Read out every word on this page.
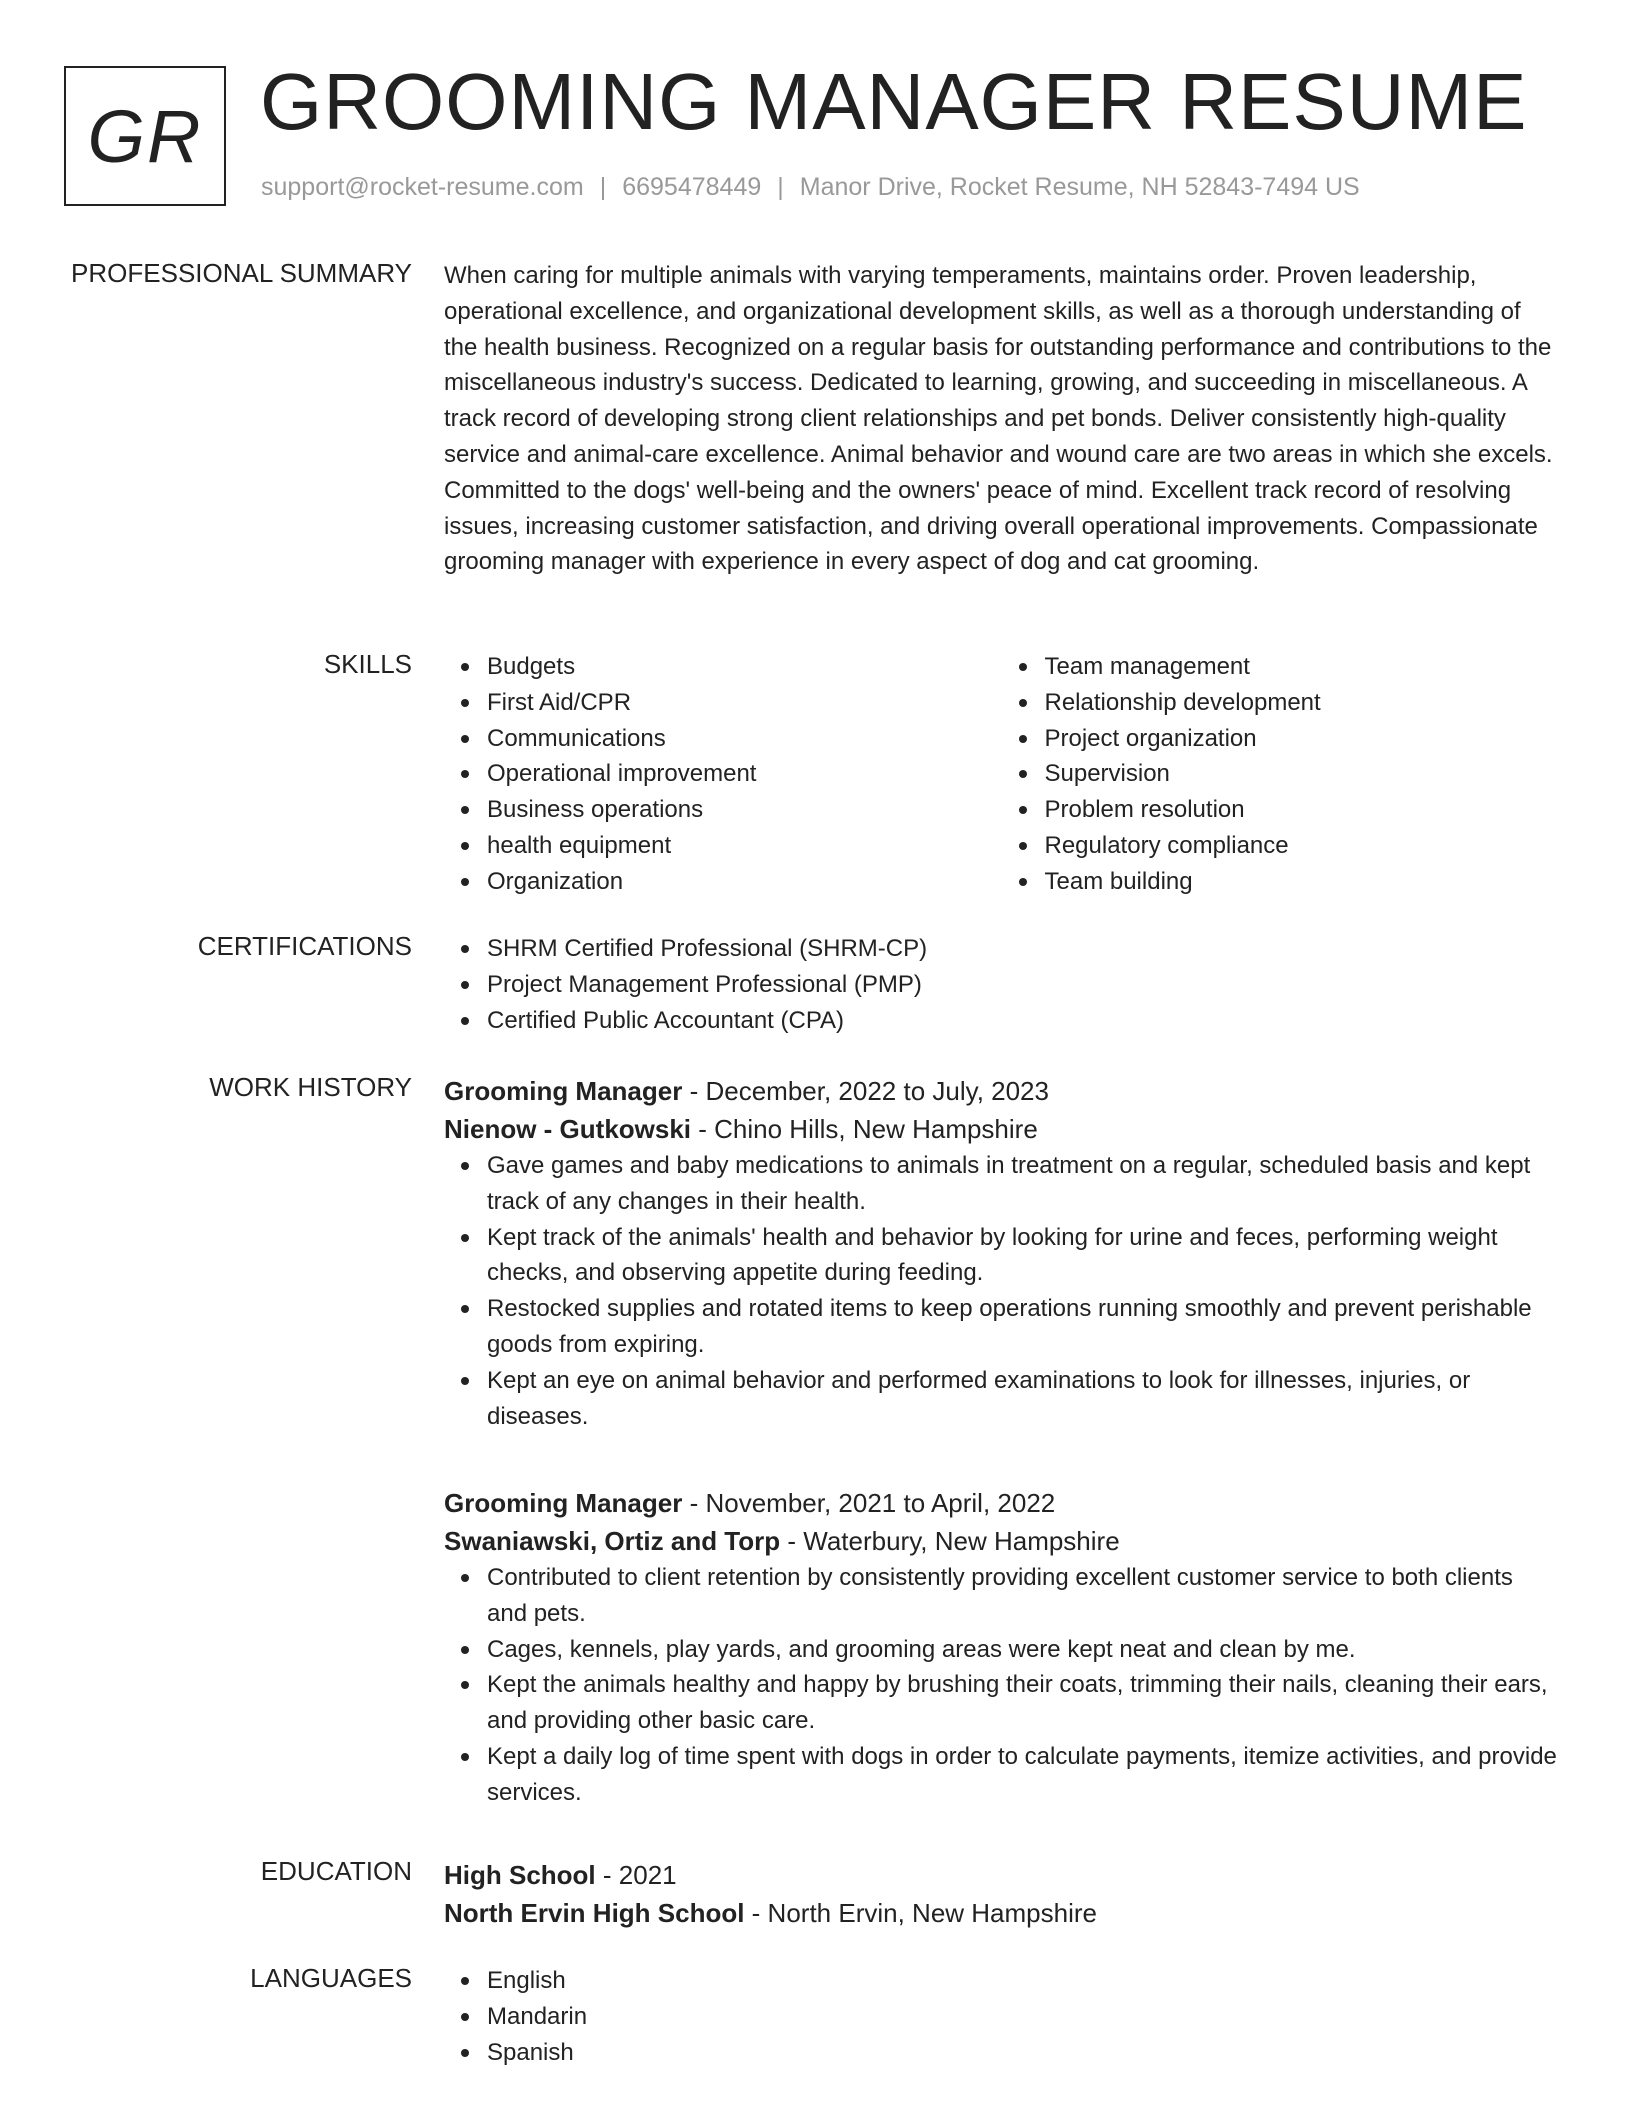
GR GROOMING MANAGER RESUME
support@rocket-resume.com | 6695478449 | Manor Drive, Rocket Resume, NH 52843-7494 US
PROFESSIONAL SUMMARY When caring for multiple animals with varying temperaments, maintains order. Proven leadership, operational excellence, and organizational development skills, as well as a thorough understanding of the health business. Recognized on a regular basis for outstanding performance and contributions to the miscellaneous industry's success. Dedicated to learning, growing, and succeeding in miscellaneous. A track record of developing strong client relationships and pet bonds. Deliver consistently high-quality service and animal-care excellence. Animal behavior and wound care are two areas in which she excels. Committed to the dogs' well-being and the owners' peace of mind. Excellent track record of resolving issues, increasing customer satisfaction, and driving overall operational improvements. Compassionate grooming manager with experience in every aspect of dog and cat grooming.

SKILLS	Budgets
First Aid/CPR
Communications
Operational improvement
Business operations
health equipment
Organization
Team management
Relationship development
Project organization
Supervision
Problem resolution
Regulatory compliance
Team building
CERTIFICATIONS	SHRM Certified Professional (SHRM-CP)
Project Management Professional (PMP)
Certified Public Accountant (CPA)
WORK HISTORY Grooming Manager - December, 2022 to July, 2023
Nienow - Gutkowski - Chino Hills, New Hampshire
Gave games and baby medications to animals in treatment on a regular, scheduled basis and kept track of any changes in their health.
Kept track of the animals' health and behavior by looking for urine and feces, performing weight checks, and observing appetite during feeding.
Restocked supplies and rotated items to keep operations running smoothly and prevent perishable goods from expiring.
Kept an eye on animal behavior and performed examinations to look for illnesses, injuries, or diseases.
Grooming Manager - November, 2021 to April, 2022
Swaniawski, Ortiz and Torp - Waterbury, New Hampshire
Contributed to client retention by consistently providing excellent customer service to both clients and pets.
Cages, kennels, play yards, and grooming areas were kept neat and clean by me.
Kept the animals healthy and happy by brushing their coats, trimming their nails, cleaning their ears, and providing other basic care.
Kept a daily log of time spent with dogs in order to calculate payments, itemize activities, and provide services.
EDUCATION High School - 2021
North Ervin High School - North Ervin, New Hampshire
LANGUAGES	English
Mandarin
Spanish
